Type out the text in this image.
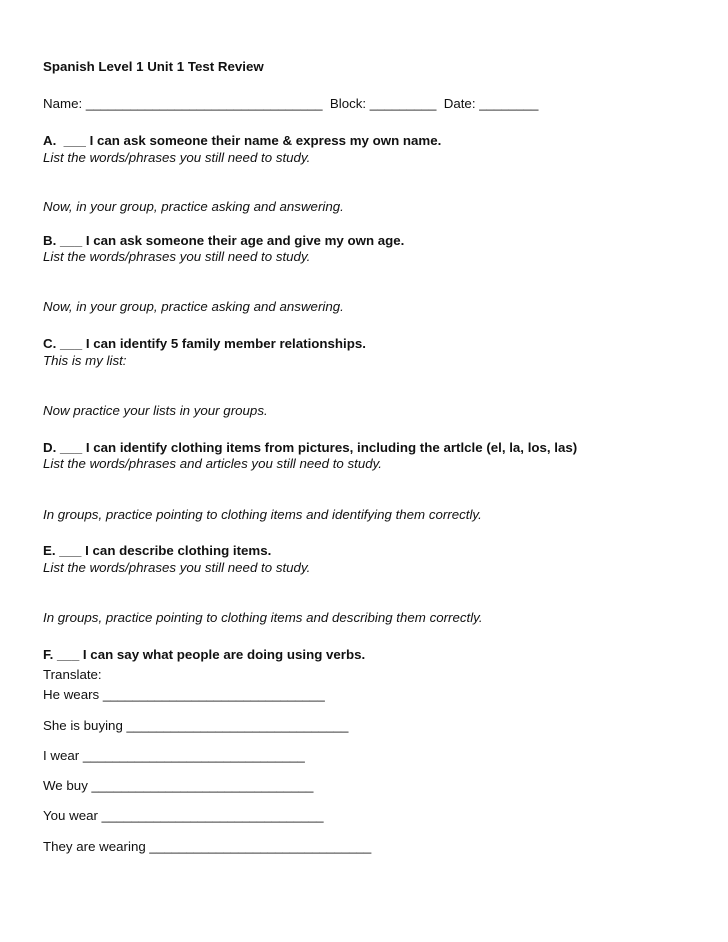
Spanish Level 1 Unit 1 Test Review
Name: ________________________________  Block: _________  Date: ________
A.  ___ I can ask someone their name & express my own name.
List the words/phrases you still need to study.
Now, in your group, practice asking and answering.
B. ___ I can ask someone their age and give my own age.
List the words/phrases you still need to study.
Now, in your group, practice asking and answering.
C. ___ I can identify 5 family member relationships.
This is my list:
Now practice your lists in your groups.
D. ___ I can identify clothing items from pictures, including the artlcle (el, la, los, las)
List the words/phrases and articles you still need to study.
In groups, practice pointing to clothing items and identifying them correctly.
E. ___ I can describe clothing items.
List the words/phrases you still need to study.
In groups, practice pointing to clothing items and describing them correctly.
F. ___ I can say what people are doing using verbs.
Translate:
He wears ______________________________
She is buying ______________________________
I wear ______________________________
We buy ______________________________
You wear ______________________________
They are wearing ______________________________
